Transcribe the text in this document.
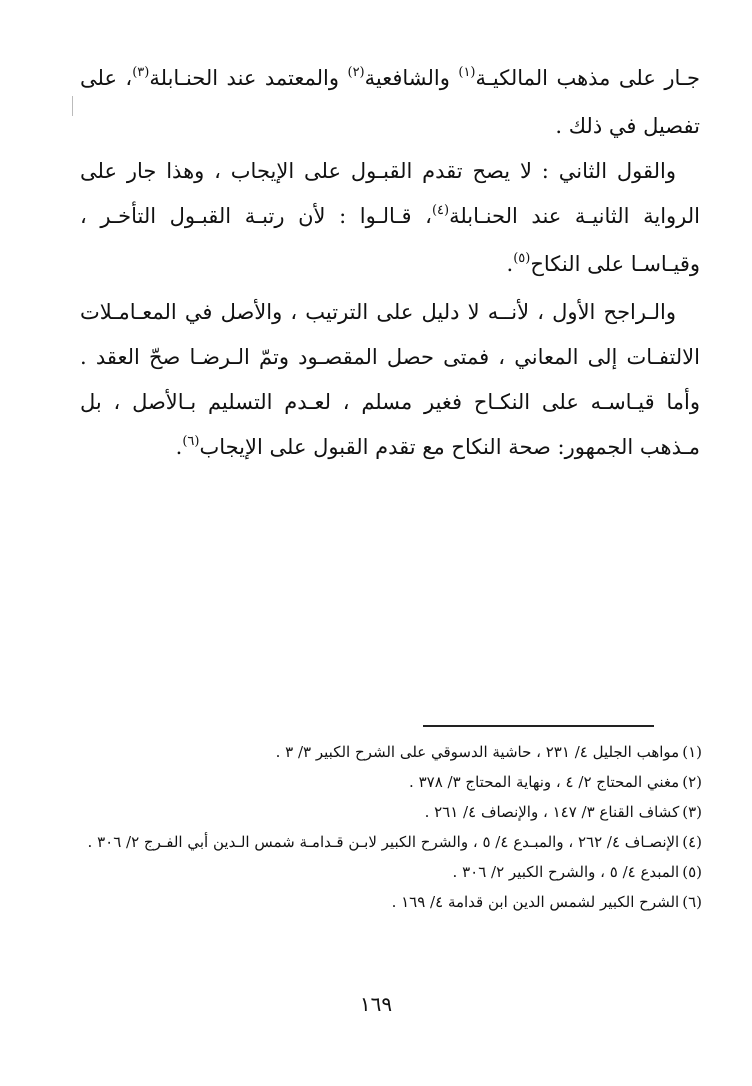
جـار على مذهب المالكيـة$^{(١)}$ والشافعية$^{(٢)}$ والمعتمد عند الحنـابلة$^{(٣)}$، على تفصيل في ذلك .

والقول الثاني : لا يصح تقدم القبـول على الإيجاب ، وهذا جار على الرواية الثانيـة عند الحنـابلة$^{(٤)}$، قـالـوا : لأن رتبـة القبـول التأخـر ، وقيـاسـا على النكاح$^{(٥)}$.

والـراجح الأول ، لأنــه لا دليل على الترتيب ، والأصل في المعـامـلات الالتفـات إلى المعاني ، فمتى حصل المقصـود وتمّ الـرضـا صحّ العقد . وأما قيـاسـه على النكـاح فغير مسلم ، لعـدم التسليم بـالأصل ، بل مـذهب الجمهور: صحة النكاح مع تقدم القبول على الإيجاب$^{(٦)}$.

(١)مواهب الجليل ٤/ ٢٣١ ، حاشية الدسوقي على الشرح الكبير ٣/ ٣ .

(٢)مغني المحتاج ٢/ ٤ ، ونهاية المحتاج ٣/ ٣٧٨ .

(٣)كشاف القناع ٣/ ١٤٧ ، والإنصاف ٤/ ٢٦١ .

(٤)الإنصـاف ٤/ ٢٦٢ ، والمبـدع ٤/ ٥ ، والشرح الكبير لابـن قـدامـة شمس الـدين أبي الفـرج ٢/ ٣٠٦ .

(٥)المبدع ٤/ ٥ ، والشرح الكبير ٢/ ٣٠٦ .

(٦)الشرح الكبير لشمس الدين ابن قدامة ٤/ ١٦٩ .

١٦٩
